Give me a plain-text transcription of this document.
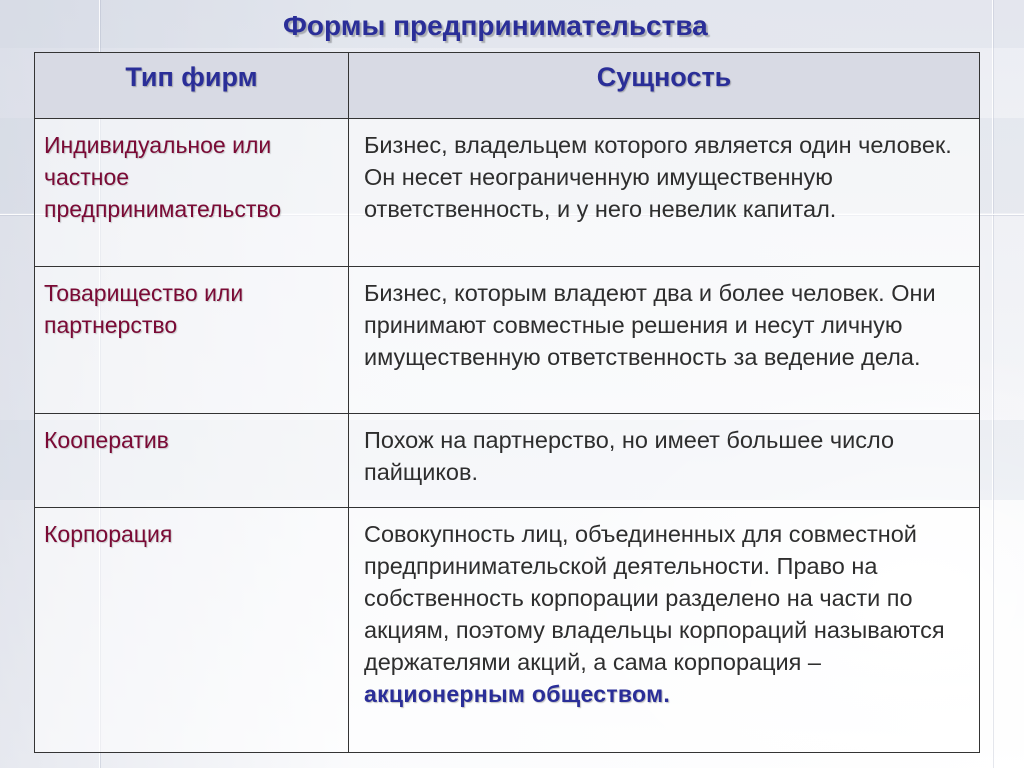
Формы предпринимательства
Тип фирм	Сущность
Индивидуальное или частное предпринимательство	Бизнес, владельцем которого является один человек. Он несет неограниченную имущественную ответственность, и у него невелик капитал.
Товарищество или партнерство	Бизнес, которым владеют два и более человек. Они принимают совместные решения и несут личную имущественную ответственность за ведение дела.
Кооператив	Похож на партнерство, но имеет большее число пайщиков.
Корпорация	Совокупность лиц, объединенных для совместной предпринимательской деятельности. Право на собственность корпорации разделено на части по акциям, поэтому владельцы корпораций называются держателями акций, а сама корпорация – акционерным обществом.
